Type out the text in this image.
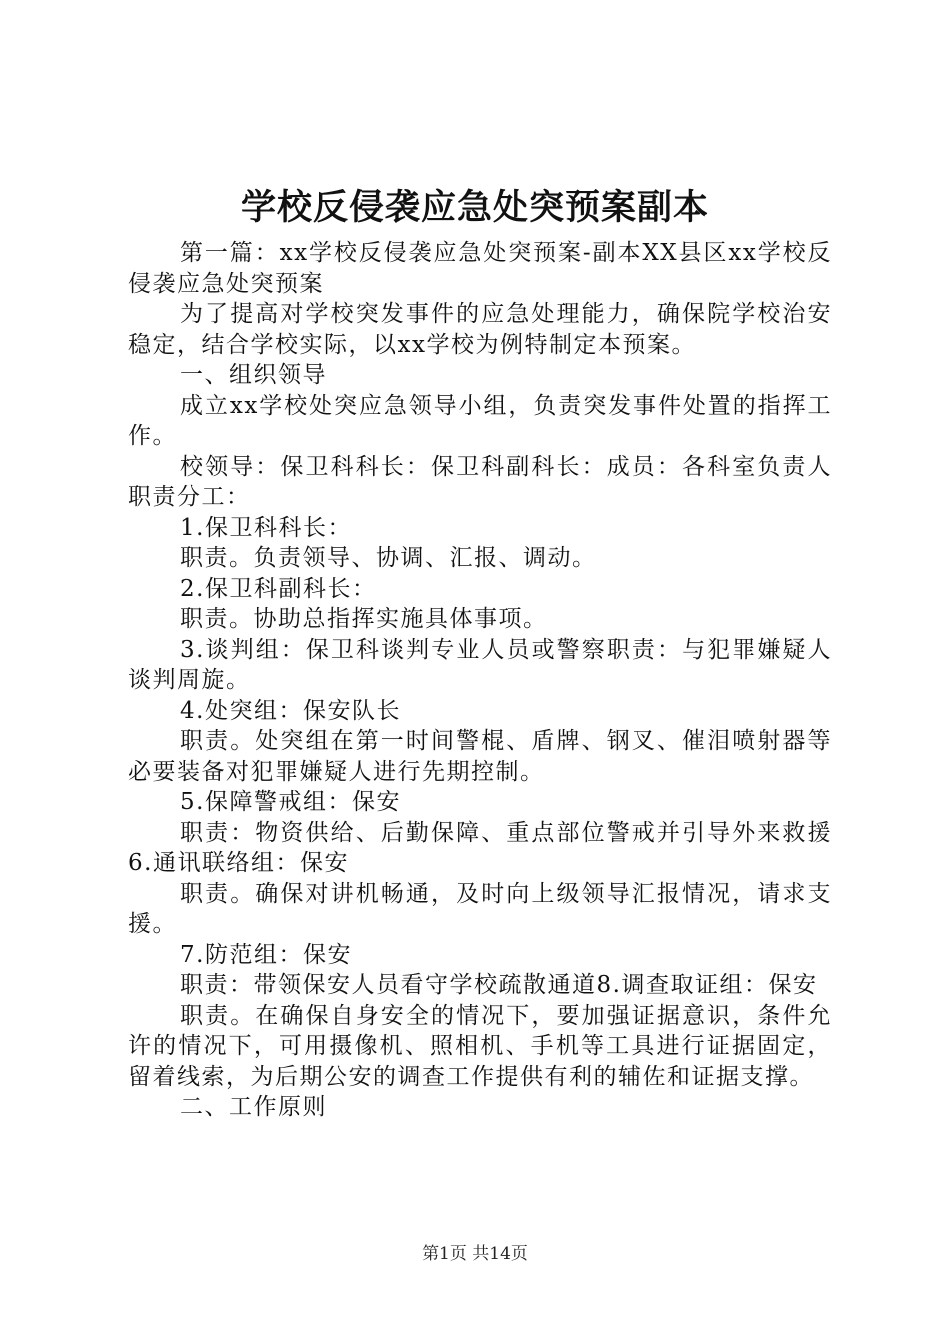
学校反侵袭应急处突预案副本

第一篇：xx学校反侵袭应急处突预案-副本XX县区xx学校反侵袭应急处突预案

为了提高对学校突发事件的应急处理能力，确保院学校治安稳定，结合学校实际，以xx学校为例特制定本预案。

一、组织领导

成立xx学校处突应急领导小组，负责突发事件处置的指挥工作。

校领导：保卫科科长：保卫科副科长：成员：各科室负责人职责分工：

1.保卫科科长：

职责。负责领导、协调、汇报、调动。

2.保卫科副科长：

职责。协助总指挥实施具体事项。

3.谈判组：保卫科谈判专业人员或警察职责：与犯罪嫌疑人谈判周旋。

4.处突组：保安队长

职责。处突组在第一时间警棍、盾牌、钢叉、催泪喷射器等必要装备对犯罪嫌疑人进行先期控制。

5.保障警戒组：保安

职责：物资供给、后勤保障、重点部位警戒并引导外来救援6.通讯联络组：保安

职责。确保对讲机畅通，及时向上级领导汇报情况，请求支援。

7.防范组：保安

职责：带领保安人员看守学校疏散通道8.调查取证组：保安

职责。在确保自身安全的情况下，要加强证据意识，条件允许的情况下，可用摄像机、照相机、手机等工具进行证据固定，留着线索，为后期公安的调查工作提供有利的辅佐和证据支撑。

二、工作原则

第1页 共14页
